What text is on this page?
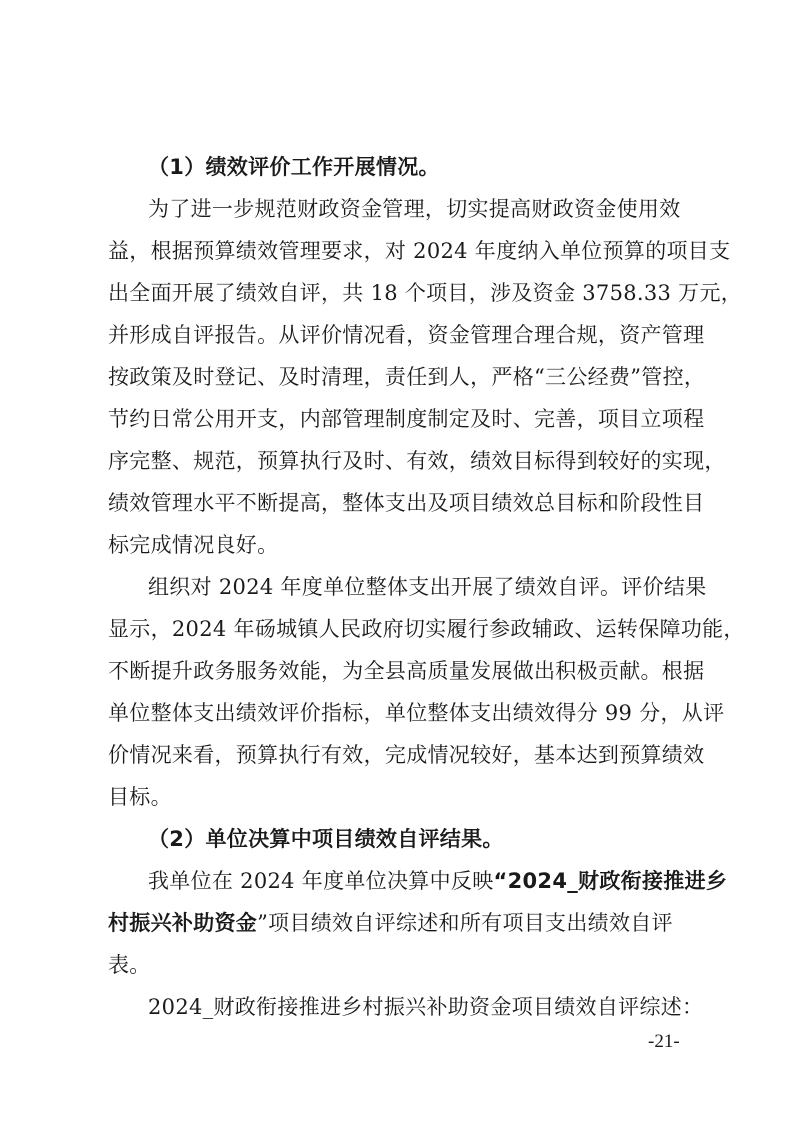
（1）绩效评价工作开展情况。
为了进一步规范财政资金管理，切实提高财政资金使用效
益，根据预算绩效管理要求，对 2024 年度纳入单位预算的项目支
出全面开展了绩效自评，共 18 个项目，涉及资金 3758.33 万元，
并形成自评报告。从评价情况看，资金管理合理合规，资产管理
按政策及时登记、及时清理，责任到人，严格“三公经费”管控，
节约日常公用开支，内部管理制度制定及时、完善，项目立项程
序完整、规范，预算执行及时、有效，绩效目标得到较好的实现，
绩效管理水平不断提高，整体支出及项目绩效总目标和阶段性目
标完成情况良好。
组织对 2024 年度单位整体支出开展了绩效自评。评价结果
显示，2024 年砀城镇人民政府切实履行参政辅政、运转保障功能，
不断提升政务服务效能，为全县高质量发展做出积极贡献。根据
单位整体支出绩效评价指标，单位整体支出绩效得分 99 分，从评
价情况来看，预算执行有效，完成情况较好，基本达到预算绩效
目标。
（2）单位决算中项目绩效自评结果。
我单位在 2024 年度单位决算中反映“2024_财政衔接推进乡
村振兴补助资金”项目绩效自评综述和所有项目支出绩效自评
表。
2024_财政衔接推进乡村振兴补助资金项目绩效自评综述：
-21-
